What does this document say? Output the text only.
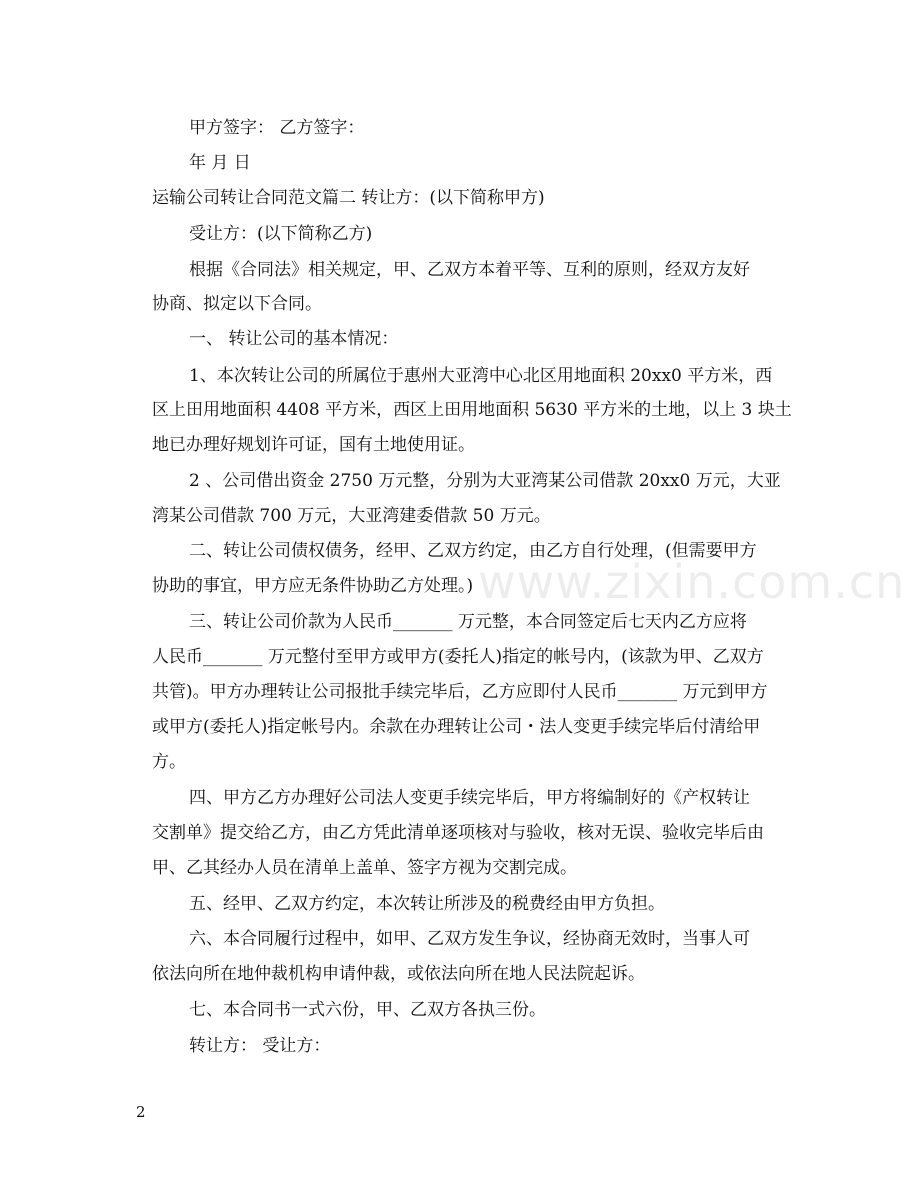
甲方签字： 乙方签字：
年 月 日
运输公司转让合同范文篇二 转让方：(以下简称甲方)
受让方：(以下简称乙方)
根据《合同法》相关规定，甲、乙双方本着平等、互利的原则，经双方友好
协商、拟定以下合同。
一、 转让公司的基本情况：
1、本次转让公司的所属位于惠州大亚湾中心北区用地面积 20xx0 平方米，西
区上田用地面积 4408 平方米，西区上田用地面积 5630 平方米的土地，以上 3 块土
地已办理好规划许可证，国有土地使用证。
2 、公司借出资金 2750 万元整，分别为大亚湾某公司借款 20xx0 万元，大亚
湾某公司借款 700 万元，大亚湾建委借款 50 万元。
二、转让公司债权债务，经甲、乙双方约定，由乙方自行处理，(但需要甲方
协助的事宜，甲方应无条件协助乙方处理。)
三、转让公司价款为人民币_______ 万元整，本合同签定后七天内乙方应将
人民币_______ 万元整付至甲方或甲方(委托人)指定的帐号内，(该款为甲、乙双方
共管)。甲方办理转让公司报批手续完毕后，乙方应即付人民币_______ 万元到甲方
或甲方(委托人)指定帐号内。余款在办理转让公司・法人变更手续完毕后付清给甲
方。
四、甲方乙方办理好公司法人变更手续完毕后，甲方将编制好的《产权转让
交割单》提交给乙方，由乙方凭此清单逐项核对与验收，核对无误、验收完毕后由
甲、乙其经办人员在清单上盖单、签字方视为交割完成。
五、经甲、乙双方约定，本次转让所涉及的税费经由甲方负担。
六、本合同履行过程中，如甲、乙双方发生争议，经协商无效时，当事人可
依法向所在地仲裁机构申请仲裁，或依法向所在地人民法院起诉。
七、本合同书一式六份，甲、乙双方各执三份。
转让方： 受让方：
www.zixin.com.cn
2
